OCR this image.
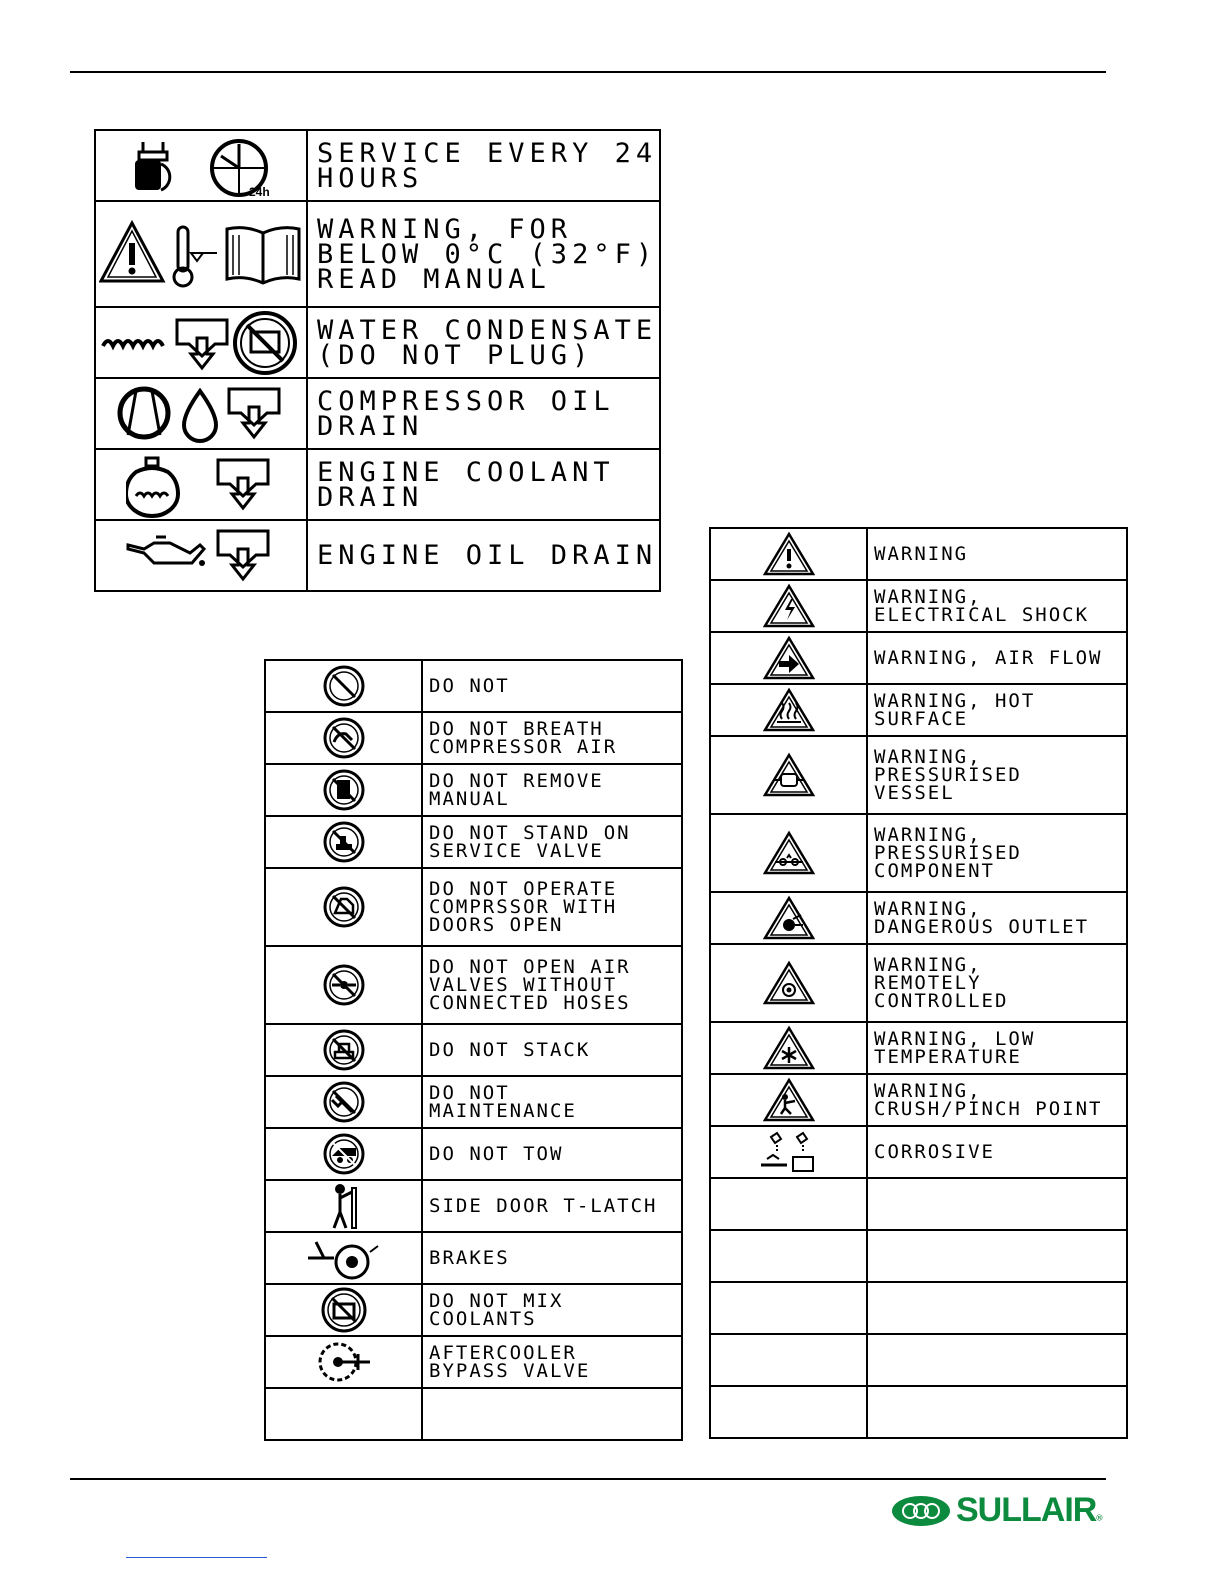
24h	SERVICE EVERY 24
HOURS
	WARNING, FOR
BELOW 0°C (32°F)
READ MANUAL
	WATER CONDENSATE
(DO NOT PLUG)
	COMPRESSOR OIL
DRAIN
	ENGINE COOLANT
DRAIN
	ENGINE OIL DRAIN
	DO NOT
	DO NOT BREATH
COMPRESSOR AIR
	DO NOT REMOVE
MANUAL
	DO NOT STAND ON
SERVICE VALVE
	DO NOT OPERATE
COMPRSSOR WITH
DOORS OPEN
	DO NOT OPEN AIR
VALVES WITHOUT
CONNECTED HOSES
	DO NOT STACK
	DO NOT
MAINTENANCE
	DO NOT TOW
	SIDE DOOR T-LATCH
	BRAKES
	DO NOT MIX
COOLANTS
	AFTERCOOLER
BYPASS VALVE

	WARNING
	WARNING,
ELECTRICAL SHOCK
	WARNING, AIR FLOW
	WARNING, HOT
SURFACE
	WARNING,
PRESSURISED
VESSEL
	WARNING,
PRESSURISED
COMPONENT
	WARNING,
DANGEROUS OUTLET
	WARNING,
REMOTELY
CONTROLLED
	WARNING, LOW
TEMPERATURE
	WARNING,
CRUSH/PINCH POINT
	CORROSIVE

SULLAIR ®
